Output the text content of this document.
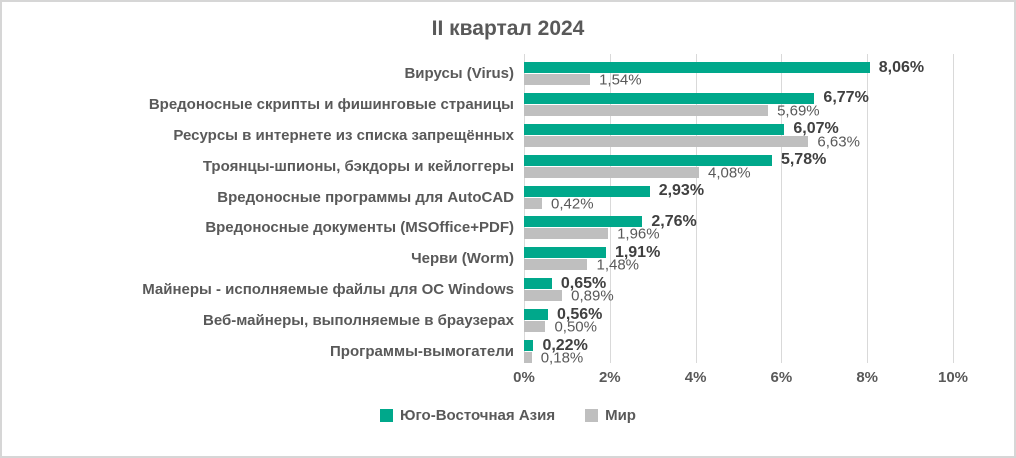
II квартал 2024
Вирусы (Virus)
Вредоносные скрипты и фишинговые страницы
Ресурсы в интернете из списка запрещённых
Троянцы-шпионы, бэкдоры и кейлоггеры
Вредоносные программы для AutoCAD
Вредоносные документы (MSOffice+PDF)
Черви (Worm)
Майнеры - исполняемые файлы для ОС Windows
Веб-майнеры, выполняемые в браузерах
Программы-вымогатели
8,06%
1,54%
6,77%
5,69%
6,07%
6,63%
5,78%
4,08%
2,93%
0,42%
2,76%
1,96%
1,91%
1,48%
0,65%
0,89%
0,56%
0,50%
0,22%
0,18%
0%	2%	4%	6%	8%	10%
Юго-Восточная Азия	Мир
